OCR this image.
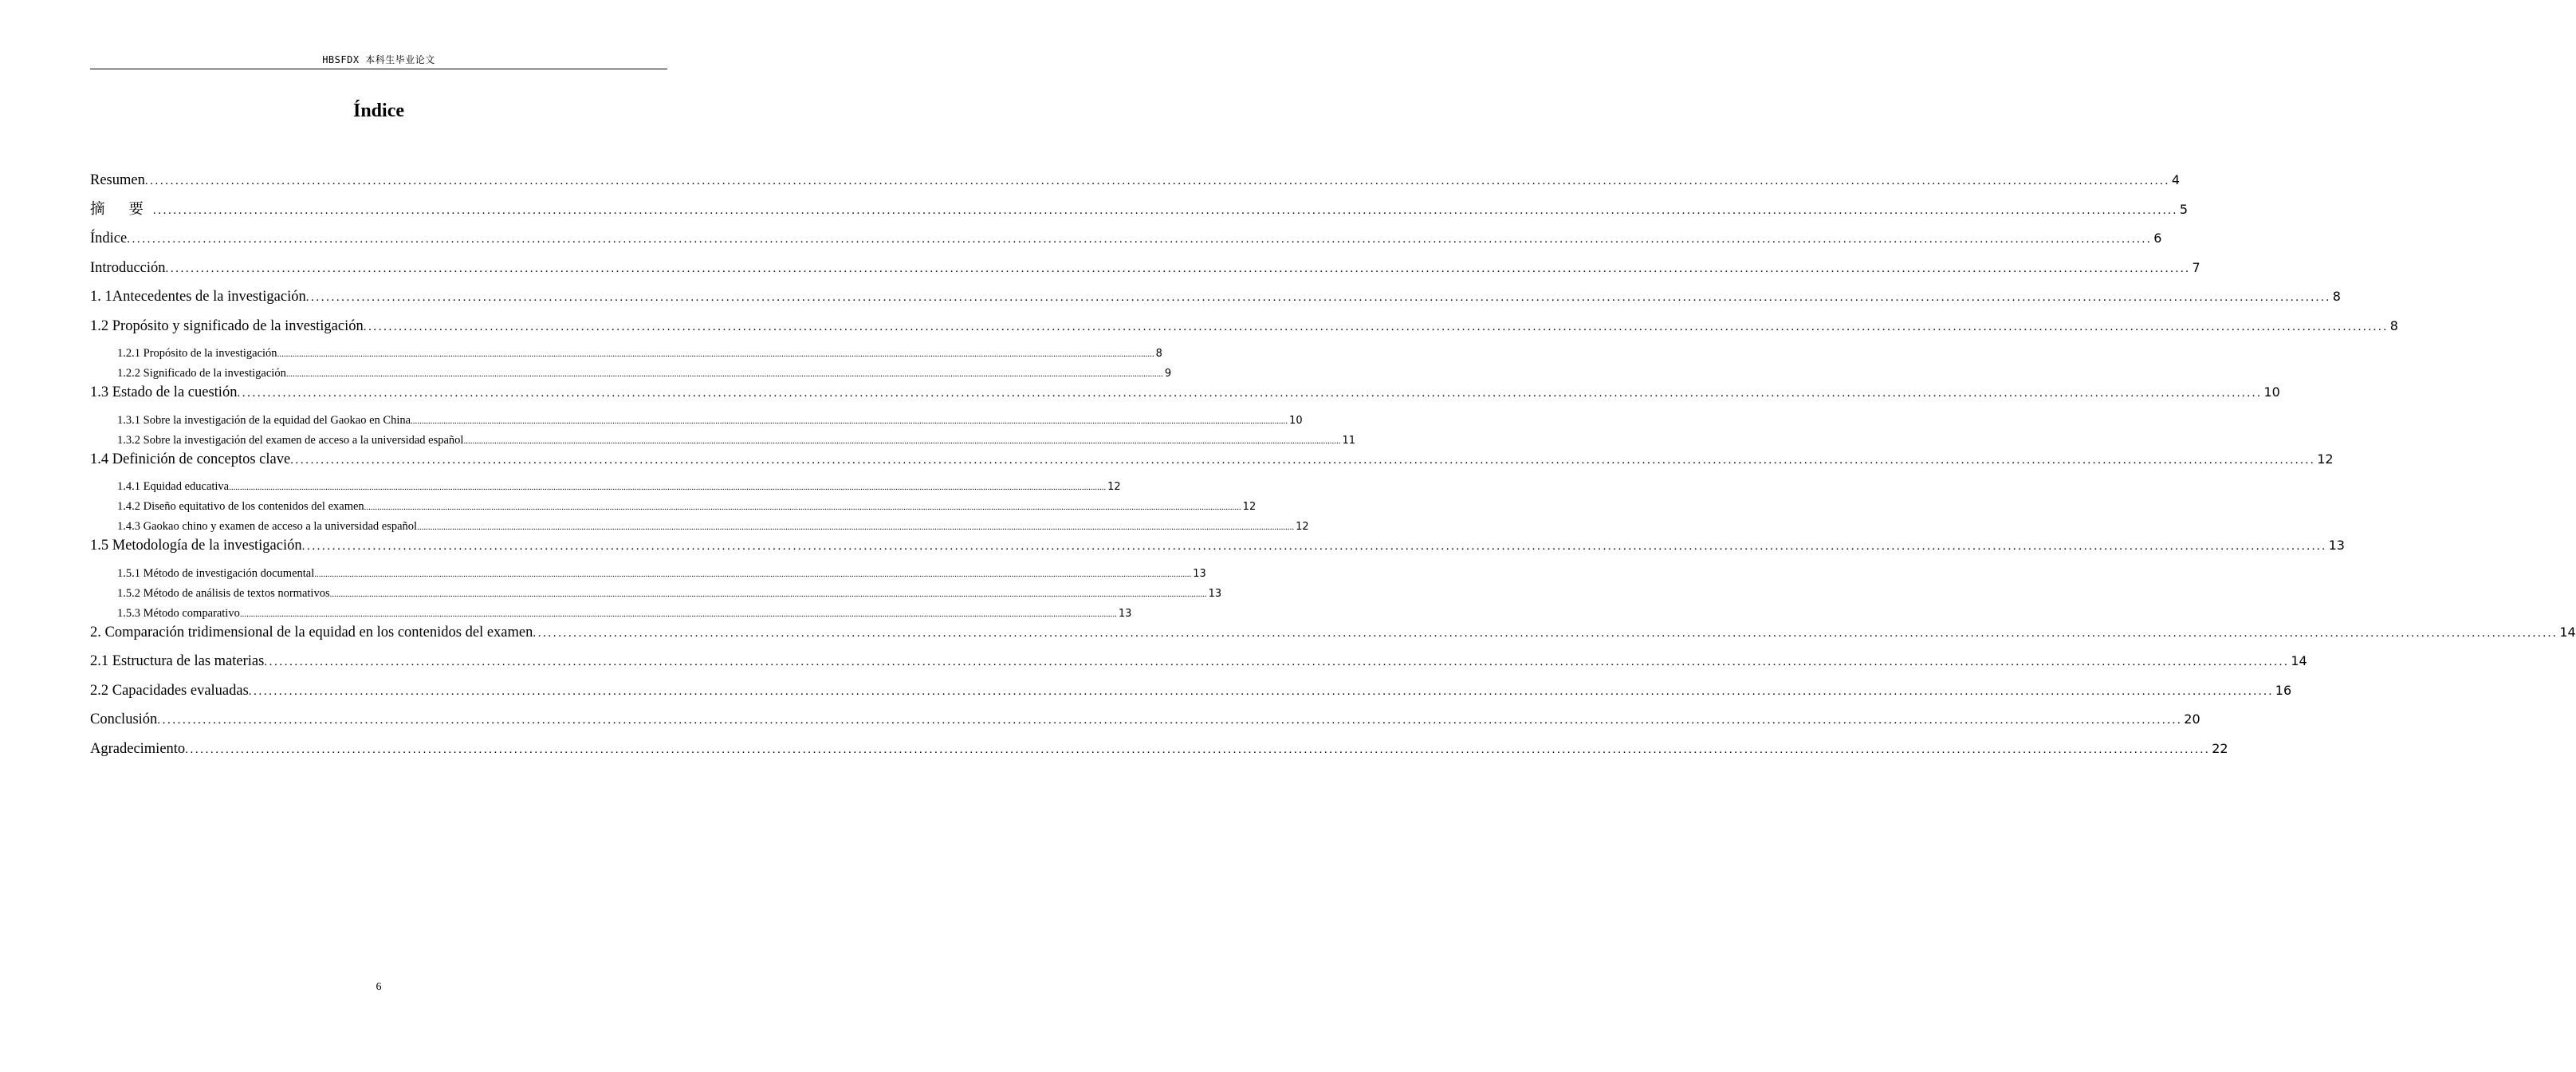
HBSFDX 本科生毕业论文
Índice
Resumen ................................................................................................................................................................................................................................................................................................................................................................................................................ 4
摘 要 ................................................................................................................................................................................................................................................................................................................................................................................................................ 5
Índice ................................................................................................................................................................................................................................................................................................................................................................................................................ 6
Introducción ................................................................................................................................................................................................................................................................................................................................................................................................................ 7
1. 1Antecedentes de la investigación ................................................................................................................................................................................................................................................................................................................................................................................................................ 8
1.2 Propósito y significado de la investigación ................................................................................................................................................................................................................................................................................................................................................................................................................ 8
1.2.1 Propósito de la investigación ................................................................................................................................................................................................................................................................................................................................................................................................................ 8
1.2.2 Significado de la investigación ................................................................................................................................................................................................................................................................................................................................................................................................................ 9
1.3 Estado de la cuestión ................................................................................................................................................................................................................................................................................................................................................................................................................ 10
1.3.1 Sobre la investigación de la equidad del Gaokao en China ................................................................................................................................................................................................................................................................................................................................................................................................................ 10
1.3.2 Sobre la investigación del examen de acceso a la universidad español ................................................................................................................................................................................................................................................................................................................................................................................................................ 11
1.4 Definición de conceptos clave ................................................................................................................................................................................................................................................................................................................................................................................................................ 12
1.4.1 Equidad educativa ................................................................................................................................................................................................................................................................................................................................................................................................................ 12
1.4.2 Diseño equitativo de los contenidos del examen ................................................................................................................................................................................................................................................................................................................................................................................................................ 12
1.4.3 Gaokao chino y examen de acceso a la universidad español ................................................................................................................................................................................................................................................................................................................................................................................................................ 12
1.5 Metodología de la investigación ................................................................................................................................................................................................................................................................................................................................................................................................................ 13
1.5.1 Método de investigación documental ................................................................................................................................................................................................................................................................................................................................................................................................................ 13
1.5.2 Método de análisis de textos normativos ................................................................................................................................................................................................................................................................................................................................................................................................................ 13
1.5.3 Método comparativo ................................................................................................................................................................................................................................................................................................................................................................................................................ 13
2. Comparación tridimensional de la equidad en los contenidos del examen ................................................................................................................................................................................................................................................................................................................................................................................................................ 14
2.1 Estructura de las materias ................................................................................................................................................................................................................................................................................................................................................................................................................ 14
2.2 Capacidades evaluadas ................................................................................................................................................................................................................................................................................................................................................................................................................ 16
Conclusión ................................................................................................................................................................................................................................................................................................................................................................................................................ 20
Agradecimiento ................................................................................................................................................................................................................................................................................................................................................................................................................ 22
6
